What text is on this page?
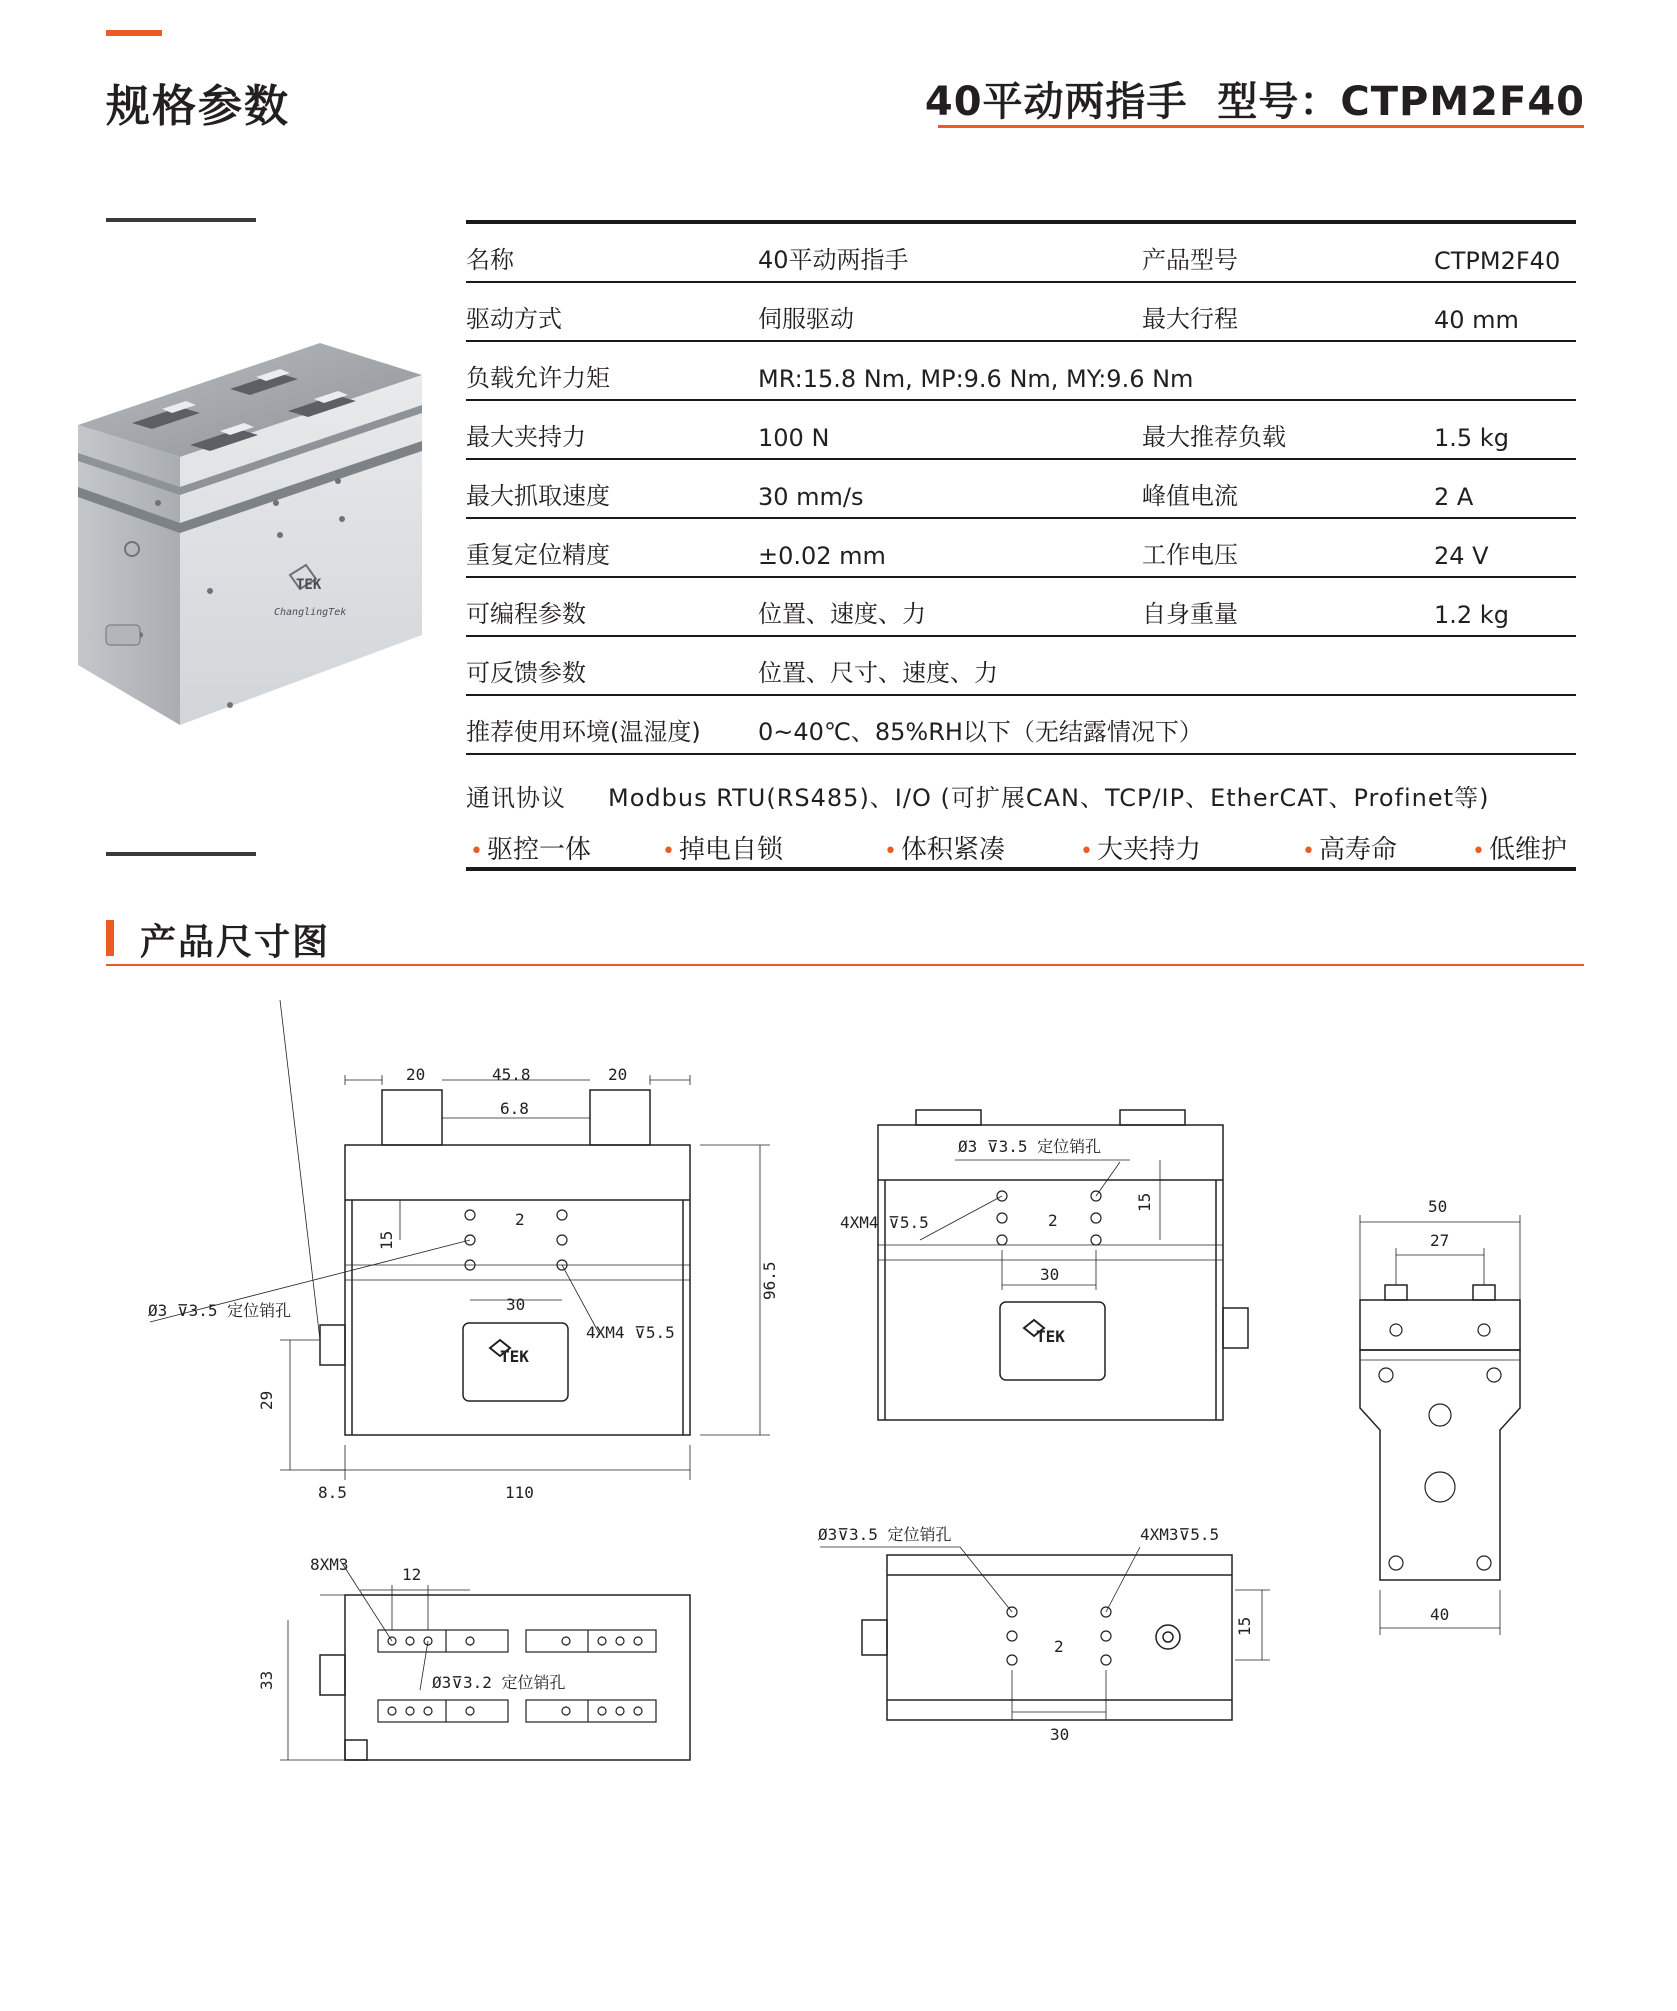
规格参数	40平动两指手  型号：CTPM2F40
TEK
ChanglingTek
名称	40平动两指手	产品型号	CTPM2F40
驱动方式	伺服驱动	最大行程	40 mm
负载允许力矩	MR:15.8 Nm, MP:9.6 Nm, MY:9.6 Nm
最大夹持力	100 N	最大推荐负载	1.5 kg
最大抓取速度	30 mm/s	峰值电流	2 A
重复定位精度	±0.02 mm	工作电压	24 V
可编程参数	位置、速度、力	自身重量	1.2 kg
可反馈参数	位置、尺寸、速度、力
推荐使用环境(温湿度) 0~40℃、85%RH以下（无结露情况下）
通讯协议 Modbus RTU(RS485)、I/O (可扩展CAN、TCP/IP、EtherCAT、Profinet等)
• 驱控一体	• 掉电自锁	• 体积紧凑	• 大夹持力	• 高寿命	• 低维护
产品尺寸图
20	45.8	20
6.8
96.5
2
15
30
Ø3 ⊽3.5 定位销孔
4XM4 ⊽5.5
29
8.5	110
TEK
8XM3
12
33	Ø3⊽3.2 定位销孔
Ø3 ⊽3.5 定位销孔
4XM4 ⊽5.5	2
15
30
TEK
Ø3⊽3.5 定位销孔	4XM3⊽5.5
2
15
30
50
27
40
